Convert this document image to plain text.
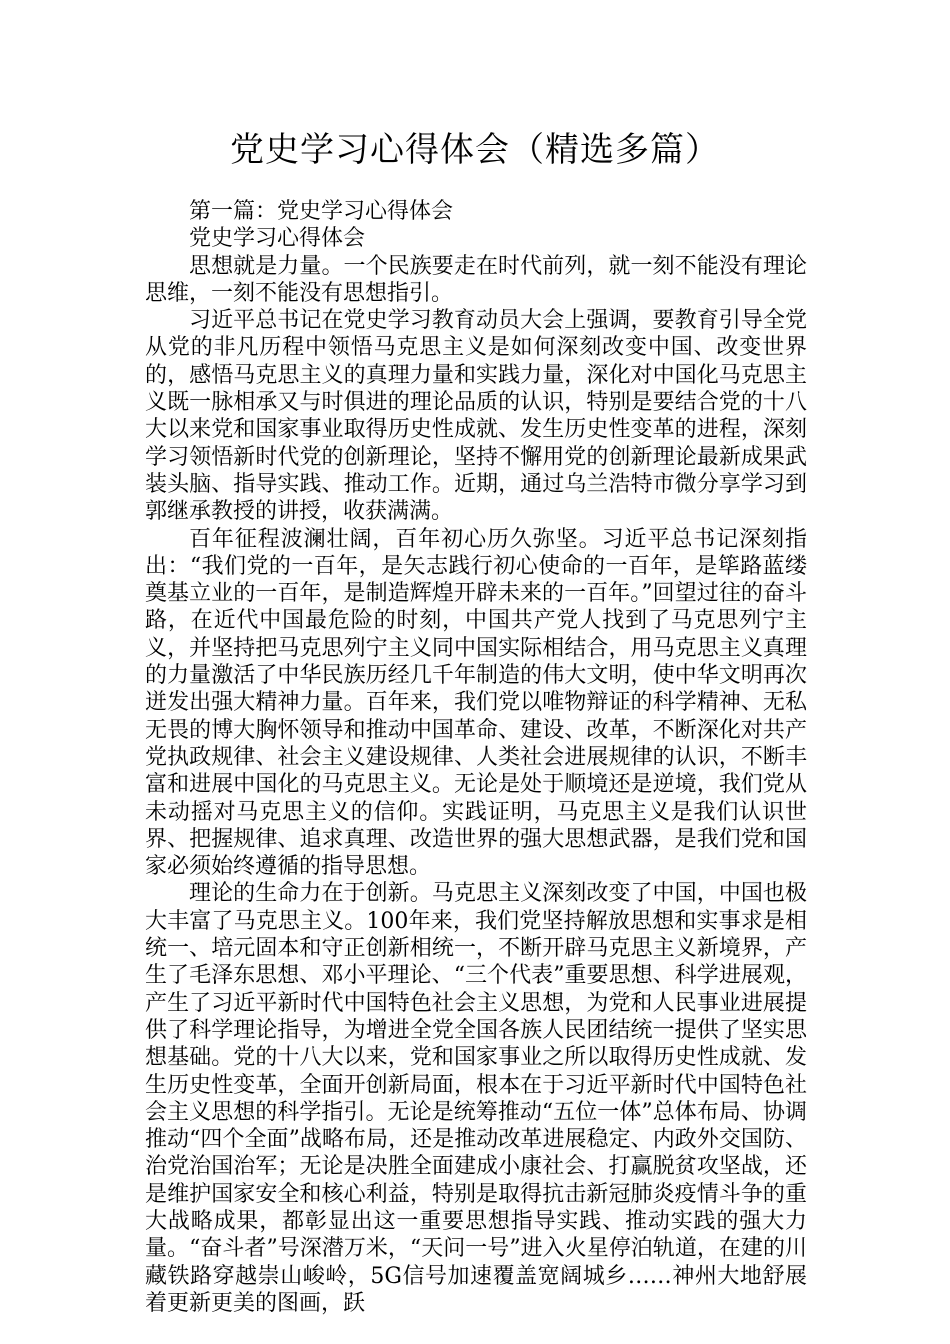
党史学习心得体会（精选多篇）

第一篇：党史学习心得体会

党史学习心得体会

思想就是力量。一个民族要走在时代前列，就一刻不能没有理论思维，一刻不能没有思想指引。

习近平总书记在党史学习教育动员大会上强调，要教育引导全党从党的非凡历程中领悟马克思主义是如何深刻改变中国、改变世界的，感悟马克思主义的真理力量和实践力量，深化对中国化马克思主义既一脉相承又与时俱进的理论品质的认识，特别是要结合党的十八大以来党和国家事业取得历史性成就、发生历史性变革的进程，深刻学习领悟新时代党的创新理论，坚持不懈用党的创新理论最新成果武装头脑、指导实践、推动工作。近期，通过乌兰浩特市微分享学习到郭继承教授的讲授，收获满满。

百年征程波澜壮阔，百年初心历久弥坚。习近平总书记深刻指出：“我们党的一百年，是矢志践行初心使命的一百年，是筚路蓝缕奠基立业的一百年，是制造辉煌开辟未来的一百年。”回望过往的奋斗路，在近代中国最危险的时刻，中国共产党人找到了马克思列宁主义，并坚持把马克思列宁主义同中国实际相结合，用马克思主义真理的力量激活了中华民族历经几千年制造的伟大文明，使中华文明再次迸发出强大精神力量。百年来，我们党以唯物辩证的科学精神、无私无畏的博大胸怀领导和推动中国革命、建设、改革，不断深化对共产党执政规律、社会主义建设规律、人类社会进展规律的认识，不断丰富和进展中国化的马克思主义。无论是处于顺境还是逆境，我们党从未动摇对马克思主义的信仰。实践证明，马克思主义是我们认识世界、把握规律、追求真理、改造世界的强大思想武器，是我们党和国家必须始终遵循的指导思想。

理论的生命力在于创新。马克思主义深刻改变了中国，中国也极大丰富了马克思主义。100年来，我们党坚持解放思想和实事求是相统一、培元固本和守正创新相统一，不断开辟马克思主义新境界，产生了毛泽东思想、邓小平理论、“三个代表”重要思想、科学进展观，产生了习近平新时代中国特色社会主义思想，为党和人民事业进展提供了科学理论指导，为增进全党全国各族人民团结统一提供了坚实思想基础。党的十八大以来，党和国家事业之所以取得历史性成就、发生历史性变革，全面开创新局面，根本在于习近平新时代中国特色社会主义思想的科学指引。无论是统筹推动“五位一体”总体布局、协调推动“四个全面”战略布局，还是推动改革进展稳定、内政外交国防、治党治国治军；无论是决胜全面建成小康社会、打赢脱贫攻坚战，还是维护国家安全和核心利益，特别是取得抗击新冠肺炎疫情斗争的重大战略成果，都彰显出这一重要思想指导实践、推动实践的强大力量。“奋斗者”号深潜万米，“天问一号”进入火星停泊轨道，在建的川藏铁路穿越崇山峻岭，5G信号加速覆盖宽阔城乡……神州大地舒展着更新更美的图画，跃
